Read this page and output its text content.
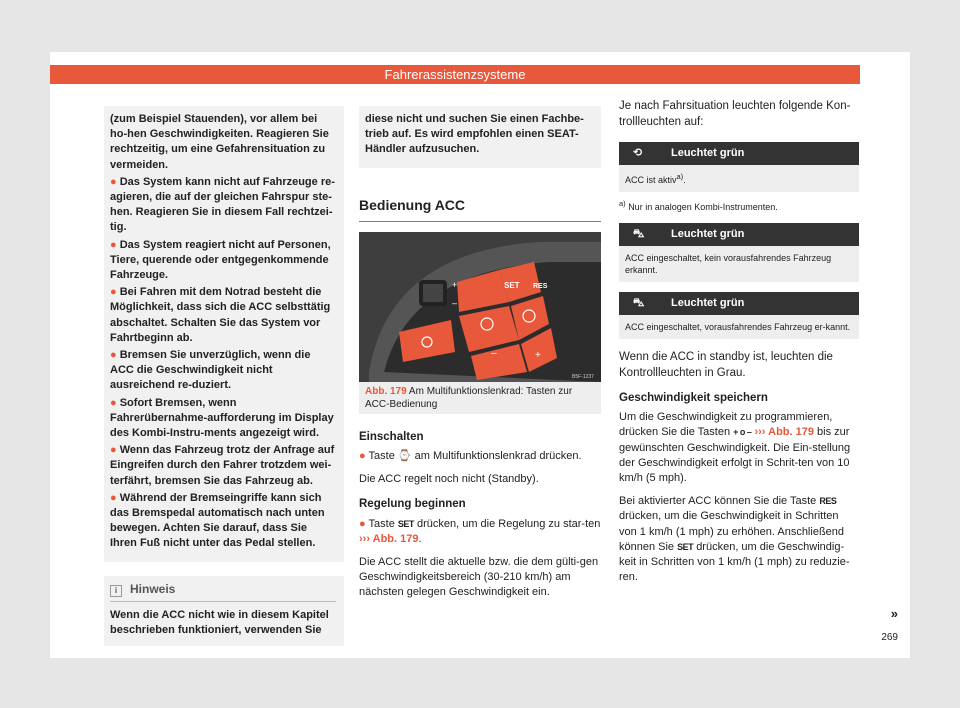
Fahrerassistenzsysteme

(zum Beispiel Stauenden), vor allem bei ho-hen Geschwindigkeiten. Reagieren Sie rechtzeitig, um eine Gefahrensituation zu vermeiden.

● Das System kann nicht auf Fahrzeuge re-agieren, die auf der gleichen Fahrspur ste-hen. Reagieren Sie in diesem Fall rechtzei-tig.

● Das System reagiert nicht auf Personen, Tiere, querende oder entgegenkommende Fahrzeuge.

● Bei Fahren mit dem Notrad besteht die Möglichkeit, dass sich die ACC selbsttätig abschaltet. Schalten Sie das System vor Fahrtbeginn ab.

● Bremsen Sie unverzüglich, wenn die ACC die Geschwindigkeit nicht ausreichend re-duziert.

● Sofort Bremsen, wenn Fahrerübernahme-aufforderung im Display des Kombi-Instru-ments angezeigt wird.

● Wenn das Fahrzeug trotz der Anfrage auf Eingreifen durch den Fahrer trotzdem wei-terfährt, bremsen Sie das Fahrzeug ab.

● Während der Bremseingriffe kann sich das Bremspedal automatisch nach unten bewegen. Achten Sie darauf, dass Sie Ihren Fuß nicht unter das Pedal stellen.

i Hinweis

Wenn die ACC nicht wie in diesem Kapitel beschrieben funktioniert, verwenden Sie

diese nicht und suchen Sie einen Fachbe-trieb auf. Es wird empfohlen einen SEAT-Händler aufzusuchen.

Bedienung ACC
SET RES
+
–
–	+
B5F-1237
Abb. 179 Am Multifunktionslenkrad: Tasten zur ACC-Bedienung
Einschalten

● Taste ⌚ am Multifunktionslenkrad drücken.

Die ACC regelt noch nicht (Standby).

Regelung beginnen

● Taste SET drücken, um die Regelung zu star-ten ››› Abb. 179.

Die ACC stellt die aktuelle bzw. die dem gülti-gen Geschwindigkeitsbereich (30-210 km/h) am nächsten gelegen Geschwindigkeit ein.

Je nach Fahrsituation leuchten folgende Kon-trollleuchten auf:

⟲	Leuchtet grün
ACC ist aktiv$^{a)}$.
$^{a)}$ Nur in analogen Kombi-Instrumenten.
⛍ Leuchtet grün
ACC eingeschaltet, kein vorausfahrendes Fahrzeug erkannt.
⛍ Leuchtet grün
ACC eingeschaltet, vorausfahrendes Fahrzeug er-kannt.

Wenn die ACC in standby ist, leuchten die Kontrollleuchten in Grau.

Geschwindigkeit speichern

Um die Geschwindigkeit zu programmieren, drücken Sie die Tasten + o – ››› Abb. 179 bis zur gewünschten Geschwindigkeit. Die Ein-stellung der Geschwindigkeit erfolgt in Schrit-ten von 10 km/h (5 mph).

Bei aktivierter ACC können Sie die Taste RES drücken, um die Geschwindigkeit in Schritten von 1 km/h (1 mph) zu erhöhen. Anschließend können Sie SET drücken, um die Geschwindig-keit in Schritten von 1 km/h (1 mph) zu reduzie-ren.

»
269
